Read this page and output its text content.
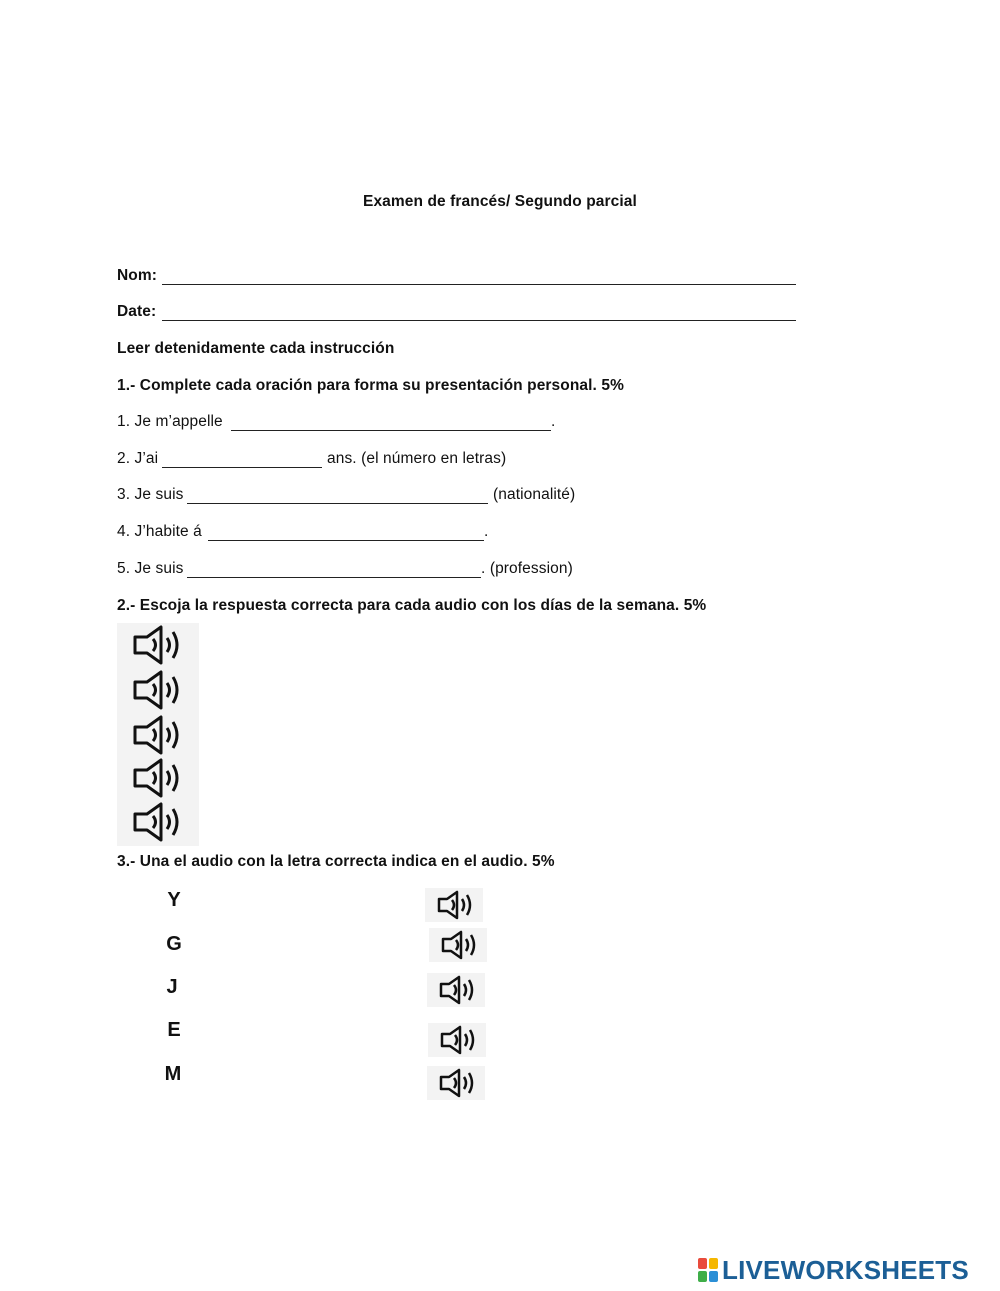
Examen de francés/ Segundo parcial
Nom:
Date:
Leer detenidamente cada instrucción
1.- Complete cada oración para forma su presentación personal. 5%
1. Je m’appelle	.
2. J’ai	ans. (el número en letras)
3. Je suis	(nationalité)
4. J’habite á	.
5. Je suis	. (profession)
2.- Escoja la respuesta correcta para cada audio con los días de la semana. 5%
3.- Una el audio con la letra correcta indica en el audio. 5%
Y
G
J
E
M
LIVEWORKSHEETS
